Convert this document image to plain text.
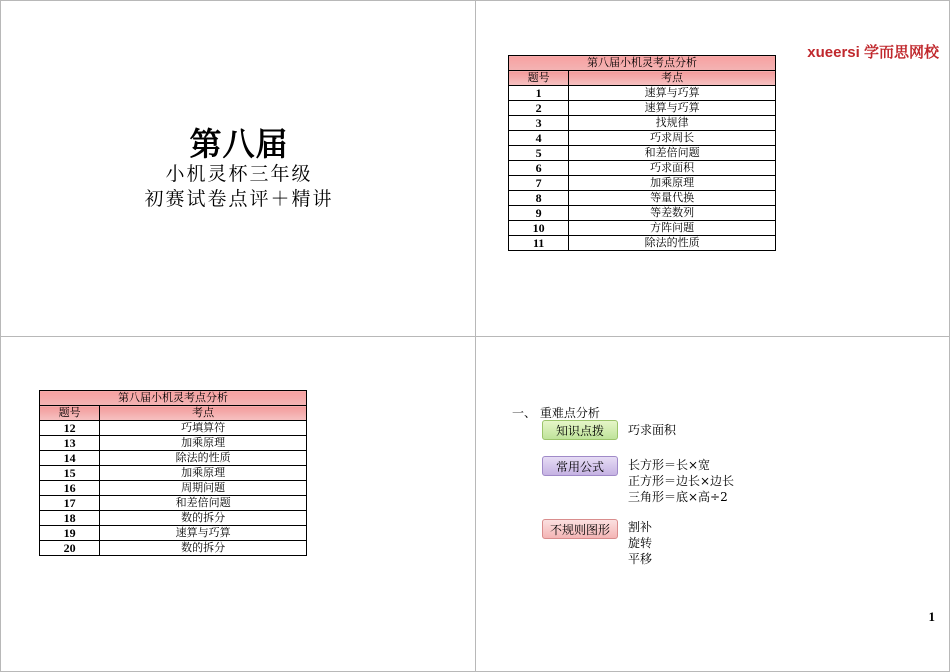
第八届
小机灵杯三年级
初赛试卷点评＋精讲
xueersi 学而思网校
第八届小机灵考点分析	
题号	考点
1	速算与巧算
2	速算与巧算
3	找规律
4	巧求周长
5	和差倍问题
6	巧求面积
7	加乘原理
8	等量代换
9	等差数列
10	方阵问题
11	除法的性质
第八届小机灵考点分析	
题号	考点
12	巧填算符
13	加乘原理
14	除法的性质
15	加乘原理
16	周期问题
17	和差倍问题
18	数的拆分
19	速算与巧算
20	数的拆分
一、 重难点分析
知识点拨	巧求面积
常用公式	长方形＝长×宽
正方形＝边长×边长
三角形＝底×高÷2
不规则图形	割补
旋转
平移
1
